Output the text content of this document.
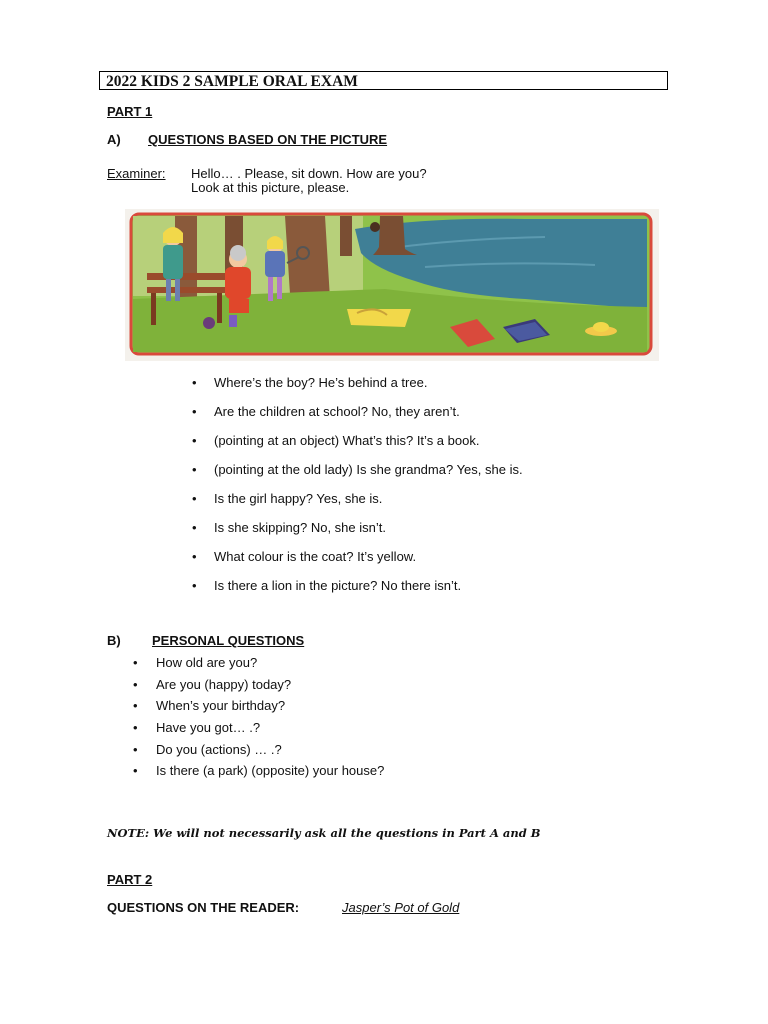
2022 KIDS 2 SAMPLE ORAL EXAM
PART 1
A) QUESTIONS BASED ON THE PICTURE
Examiner: Hello… . Please, sit down. How are you?
Look at this picture, please.
• Where’s the boy? He’s behind a tree.
• Are the children at school? No, they aren’t.
• (pointing at an object) What’s this? It’s a book.
• (pointing at the old lady) Is she grandma? Yes, she is.
• Is the girl happy? Yes, she is.
• Is she skipping? No, she isn’t.
• What colour is the coat? It’s yellow.
• Is there a lion in the picture? No there isn’t.
B) PERSONAL QUESTIONS
• How old are you?
• Are you (happy) today?
• When’s your birthday?
• Have you got… .?
• Do you (actions) … .?
• Is there (a park) (opposite) your house?
NOTE: We will not necessarily ask all the questions in Part A and B
PART 2
QUESTIONS ON THE READER:	Jasper’s Pot of Gold
